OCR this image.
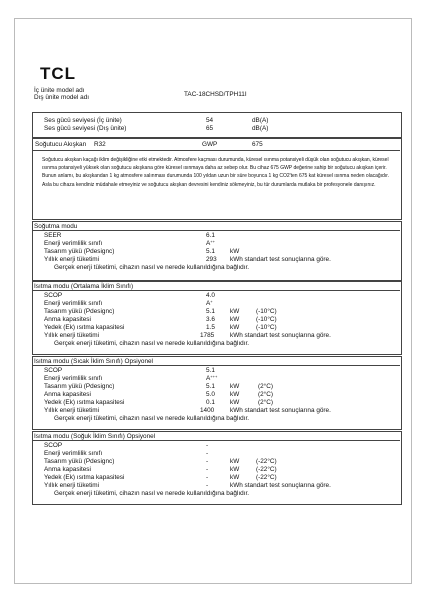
TCL
İç ünite model adı
Dış ünite model adı	TAC-18CHSD/TPH11I
Ses gücü seviyesi (İç ünite)	54	dB(A)
Ses gücü seviyesi (Dış ünite)	65	dB(A)
Soğutucu Akışkan R32	GWP	675
Soğutucu akışkan kaçağı iklim değişikliğine etki etmektedir. Atmosfere kaçması durumunda, küresel ısınma potansiyeli düşük olan soğutucu akışkan, küresel ısınma potansiyeli yüksek olan soğutucu akışkana göre küresel ısınmaya daha az sebep olur. Bu cihaz 675 GWP değerine sahip bir soğutucu akışkan içerir. Bunun anlamı, bu akışkandan 1 kg atmosfere salınması durumunda 100 yıldan uzun bir süre boyunca 1 kg CO2'ten 675 kat küresel ısınma neden olacağıdır. Asla bu cihaza kendiniz müdahale etmeyiniz ve soğutucu akışkan devresini kendiniz sökmeyiniz, bu tür durumlarda mutlaka bir profesyonele danışınız.
Soğutma modu
SEER	6.1
Enerji verimlilik sınıfı	A++
Tasarım yükü (Pdesignc)	5.1 kW
Yıllık enerji tüketimi	293 kWh standart test sonuçlarına göre.
Gerçek enerji tüketimi, cihazın nasıl ve nerede kullanıldığına bağlıdır.
Isıtma modu (Ortalama İklim Sınıfı)
SCOP	4.0
Enerji verimlilik sınıfı	A+
Tasarım yükü (Pdesignc)	5.1 kW	(-10°C)
Anma kapasitesi	3.6 kW	(-10°C)
Yedek (Ek) ısıtma kapasitesi	1.5 kW	(-10°C)
Yıllık enerji tüketimi	1785 kWh standart test sonuçlarına göre.
Gerçek enerji tüketimi, cihazın nasıl ve nerede kullanıldığına bağlıdır.
Isıtma modu (Sıcak İklim Sınıfı) Opsiyonel
SCOP	5.1
Enerji verimlilik sınıfı	A+++
Tasarım yükü (Pdesignc)	5.1 kW	(2°C)
Anma kapasitesi	5.0 kW	(2°C)
Yedek (Ek) ısıtma kapasitesi	0.1 kW	(2°C)
Yıllık enerji tüketimi	1400 kWh standart test sonuçlarına göre.
Gerçek enerji tüketimi, cihazın nasıl ve nerede kullanıldığına bağlıdır.
Isıtma modu (Soğuk İklim Sınıfı) Opsiyonel
SCOP	-
Enerji verimlilik sınıfı	-
Tasarım yükü (Pdesignc)	-	kW	(-22°C)
Anma kapasitesi	-	kW	(-22°C)
Yedek (Ek) ısıtma kapasitesi	-	kW	(-22°C)
Yıllık enerji tüketimi	-	kWh standart test sonuçlarına göre.
Gerçek enerji tüketimi, cihazın nasıl ve nerede kullanıldığına bağlıdır.
